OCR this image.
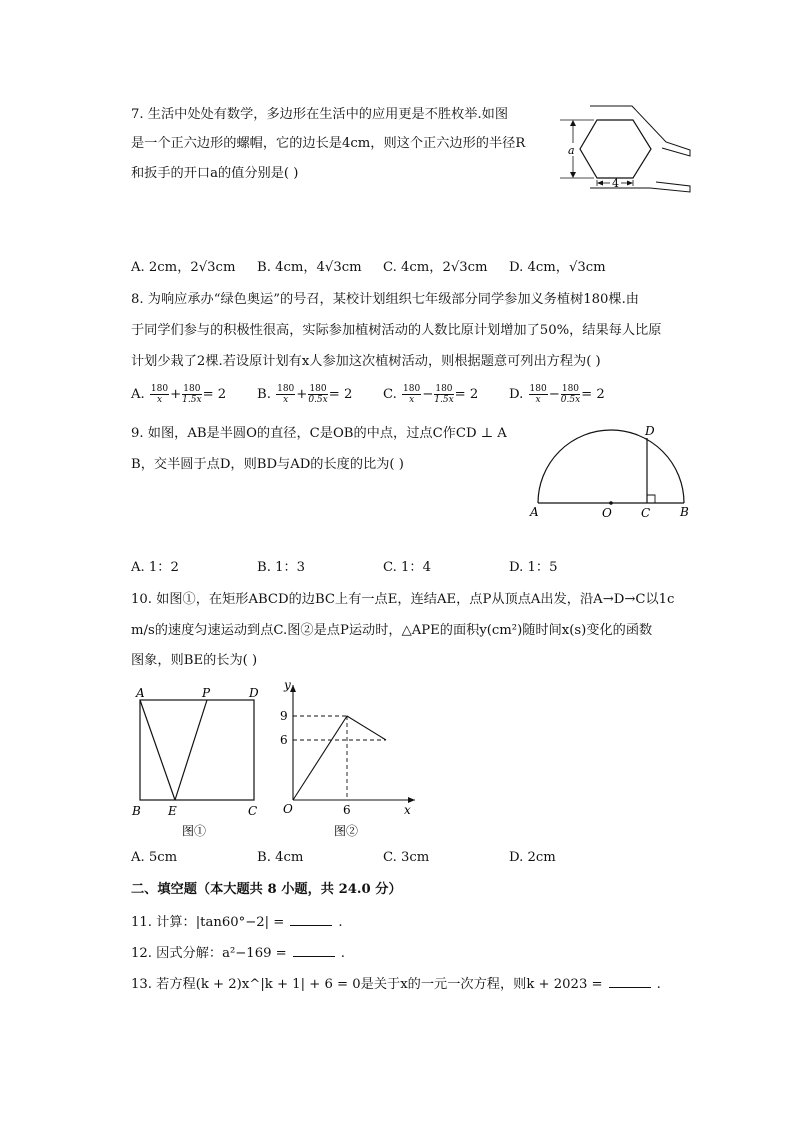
7. 生活中处处有数学，多边形在生活中的应用更是不胜枚举.如图
是一个正六边形的螺帽，它的边长是4cm，则这个正六边形的半径R
和扳手的开口a的值分别是( )
a
4
A. 2cm，2√3cm B. 4cm，4√3cm C. 4cm，2√3cm D. 4cm，√3cm
8. 为响应承办“绿色奥运”的号召，某校计划组织七年级部分同学参加义务植树180棵.由
于同学们参与的积极性很高，实际参加植树活动的人数比原计划增加了50%，结果每人比原
计划少栽了2棵.若设原计划有x人参加这次植树活动，则根据题意可列出方程为( )
A. $\frac{180}{x} + \frac{180}{1.5x} = 2$ B. $\frac{180}{x} + \frac{180}{0.5x} = 2$ C. $\frac{180}{x} - \frac{180}{1.5x} = 2$ D. $\frac{180}{x} - \frac{180}{0.5x} = 2$
9. 如图，AB是半圆O的直径，C是OB的中点，过点C作CD ⊥ A
B，交半圆于点D，则BD与AD的长度的比为( )
A	O C B
D
A. 1：2	B. 1：3	C. 1：4	D. 1：5
10. 如图①，在矩形ABCD的边BC上有一点E，连结AE，点P从顶点A出发，沿A→D→C以1c
m/s的速度匀速运动到点C.图②是点P运动时，△APE的面积y(cm²)随时间x(s)变化的函数
图象，则BE的长为( )
A	P	D
B E	C
图①
y
x
O
9
6
6
图②
A. 5cm	B. 4cm	C. 3cm	D. 2cm
二、填空题（本大题共 8 小题，共 24.0 分）
11. 计算：|tan60°−2| =	.
12. 因式分解：a²−169 =	.
13. 若方程(k + 2)x^|k + 1| + 6 = 0是关于x的一元一次方程，则k + 2023 =	.
